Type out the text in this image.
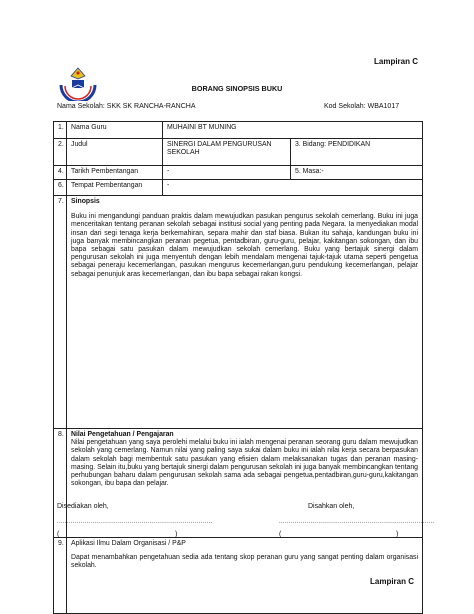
Lampiran C
BORANG SINOPSIS BUKU
Nama Sekolah: SKK SK RANCHA-RANCHA	Kod Sekolah: WBA1017
1.	Nama Guru	MUHAINI BT MUNING	
2.	Judul	SINERGI DALAM PENGURUSAN SEKOLAH	3. Bidang: PENDIDIKAN
4.	Tarikh Pembentangan	-	5. Masa:-
6.	Tempat Pembentangan	-	
7.	Sinopsis

Buku ini mengandungi panduan praktis dalam mewujudkan pasukan pengurus sekolah cemerlang. Buku ini juga menceritakan tentang peranan sekolah sebagai institusi social yang penting pada Negara. Ia menyediakan modal insan dari segi tenaga kerja berkemahiran, separa mahir dan staf biasa. Bukan itu sahaja, kandungan buku ini juga banyak membincangkan peranan pegetua, pentadbiran, guru-guru, pelajar, kakitangan sokongan, dan ibu bapa sebagai satu pasukan dalam mewujudkan sekolah cemerlang. Buku yang bertajuk sinergi dalam pengurusan sekolah ini juga menyentuh dengan lebih mendalam mengenai tajuk-tajuk utama seperti pengetua sebagai peneraju kecemerlangan, pasukan mengurus kecemerlangan,guru pendukung kecemerlangan, pelajar sebagai penunjuk aras kecemerlangan, dan ibu bapa sebagai rakan kongsi.		

8.	Nilai Pengetahuan / Pengajaran

Nilai pengetahuan yang saya perolehi melalui buku ini ialah mengenai peranan seorang guru dalam mewujudkan sekolah yang cemerlang. Namun nilai yang paling saya sukai dalam buku ini ialah nilai kerja secara berpasukan dalam sekolah bagi membentuk satu pasukan yang efisien dalam melaksanakan tugas dan peranan masing-masing. Selain itu,buku yang bertajuk sinergi dalam pengurusan sekolah ini juga banyak membincangkan tentang perhubungan baharu dalam pengurusan sekolah sama ada sebagai pengetua,pentadbiran,guru-guru,kakitangan sokongan, ibu bapa dan pelajar.		

9.	Aplikasi Ilmu Dalam Organisasi / P&P

Dapat menambahkan pengetahuan sedia ada tentang skop peranan guru yang sangat penting dalam organisasi sekolah.		

Disediakan oleh,	Disahkan oleh,
...............................................................................	...............................................................................
(	)	(	)
Lampiran C
